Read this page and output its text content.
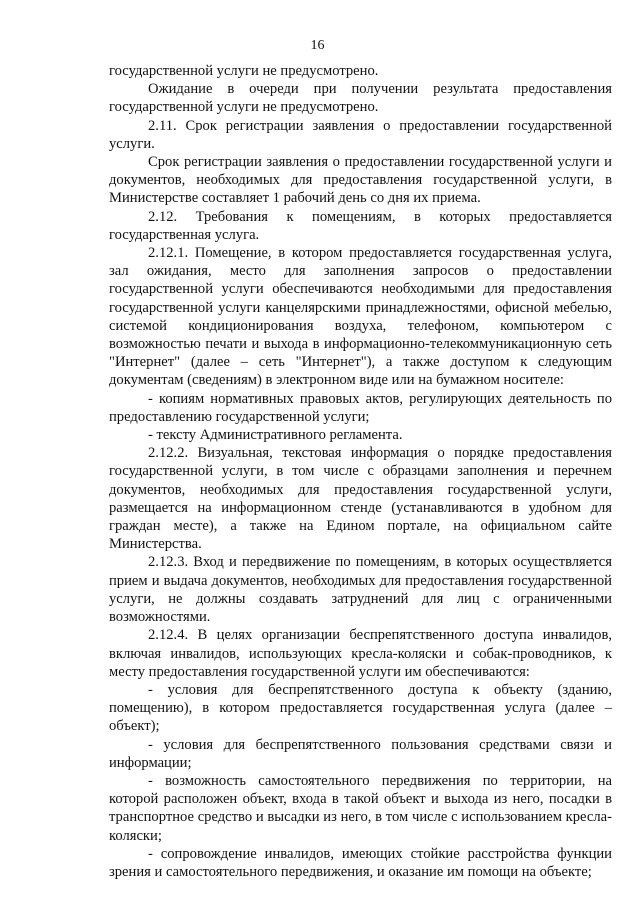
16

государственной услуги не предусмотрено.

Ожидание в очереди при получении результата предоставления государственной услуги не предусмотрено.

2.11. Срок регистрации заявления о предоставлении государственной услуги.

Срок регистрации заявления о предоставлении государственной услуги и документов, необходимых для предоставления государственной услуги, в Министерстве составляет 1 рабочий день со дня их приема.

2.12. Требования к помещениям, в которых предоставляется государственная услуга.

2.12.1. Помещение, в котором предоставляется государственная услуга, зал ожидания, место для заполнения запросов о предоставлении государственной услуги обеспечиваются необходимыми для предоставления государственной услуги канцелярскими принадлежностями, офисной мебелью, системой кондиционирования воздуха, телефоном, компьютером с возможностью печати и выхода в информационно-телекоммуникационную сеть "Интернет" (далее – сеть "Интернет"), а также доступом к следующим документам (сведениям) в электронном виде или на бумажном носителе:

- копиям нормативных правовых актов, регулирующих деятельность по предоставлению государственной услуги;

- тексту Административного регламента.

2.12.2. Визуальная, текстовая информация о порядке предоставления государственной услуги, в том числе с образцами заполнения и перечнем документов, необходимых для предоставления государственной услуги, размещается на информационном стенде (устанавливаются в удобном для граждан месте), а также на Едином портале, на официальном сайте Министерства.

2.12.3. Вход и передвижение по помещениям, в которых осуществляется прием и выдача документов, необходимых для предоставления государственной услуги, не должны создавать затруднений для лиц с ограниченными возможностями.

2.12.4. В целях организации беспрепятственного доступа инвалидов, включая инвалидов, использующих кресла-коляски и собак-проводников, к месту предоставления государственной услуги им обеспечиваются:

- условия для беспрепятственного доступа к объекту (зданию, помещению), в котором предоставляется государственная услуга (далее – объект);

- условия для беспрепятственного пользования средствами связи и информации;

- возможность самостоятельного передвижения по территории, на которой расположен объект, входа в такой объект и выхода из него, посадки в транспортное средство и высадки из него, в том числе с использованием кресла-коляски;

- сопровождение инвалидов, имеющих стойкие расстройства функции зрения и самостоятельного передвижения, и оказание им помощи на объекте;
